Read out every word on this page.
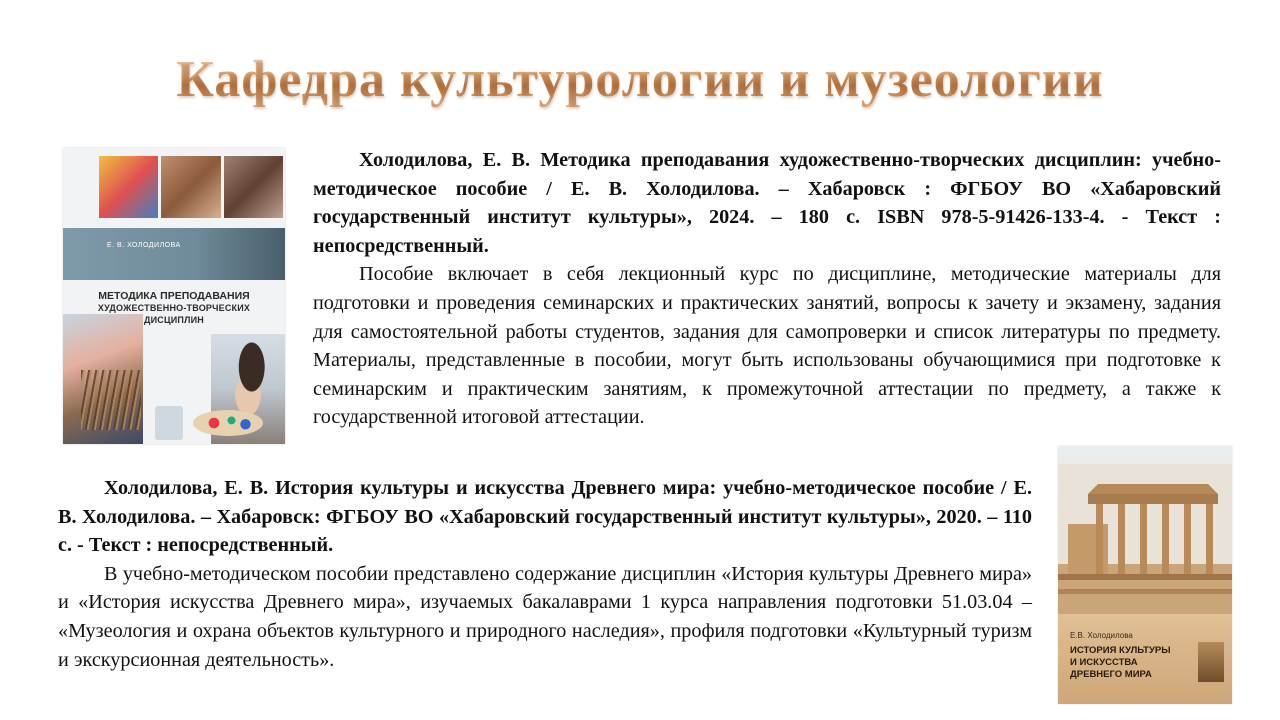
Кафедра культурологии и музеологии
Е. В. ХОЛОДИЛОВА
МЕТОДИКА ПРЕПОДАВАНИЯ
ХУДОЖЕСТВЕННО-ТВОРЧЕСКИХ
ДИСЦИПЛИН

Холодилова, Е. В. Методика преподавания художественно-творческих дисциплин: учебно-методическое пособие / Е. В. Холодилова. – Хабаровск : ФГБОУ ВО «Хабаровский государственный институт культуры», 2024. – 180 с. ISBN 978-5-91426-133-4. - Текст : непосредственный.

Пособие включает в себя лекционный курс по дисциплине, методические материалы для подготовки и проведения семинарских и практических занятий, вопросы к зачету и экзамену, задания для самостоятельной работы студентов, задания для самопроверки и список литературы по предмету. Материалы, представленные в пособии, могут быть использованы обучающимися при подготовке к семинарским и практическим занятиям, к промежуточной аттестации по предмету, а также к государственной итоговой аттестации.

Холодилова, Е. В. История культуры и искусства Древнего мира: учебно-методическое пособие / Е. В. Холодилова. – Хабаровск: ФГБОУ ВО «Хабаровский государственный институт культуры», 2020. – 110 с. - Текст : непосредственный.

В учебно-методическом пособии представлено содержание дисциплин «История культуры Древнего мира» и «История искусства Древнего мира», изучаемых бакалаврами 1 курса направления подготовки 51.03.04 – «Музеология и охрана объектов культурного и природного наследия», профиля подготовки «Культурный туризм и экскурсионная деятельность».

Е.В. Холодилова
ИСТОРИЯ КУЛЬТУРЫ
И ИСКУССТВА
ДРЕВНЕГО МИРА
